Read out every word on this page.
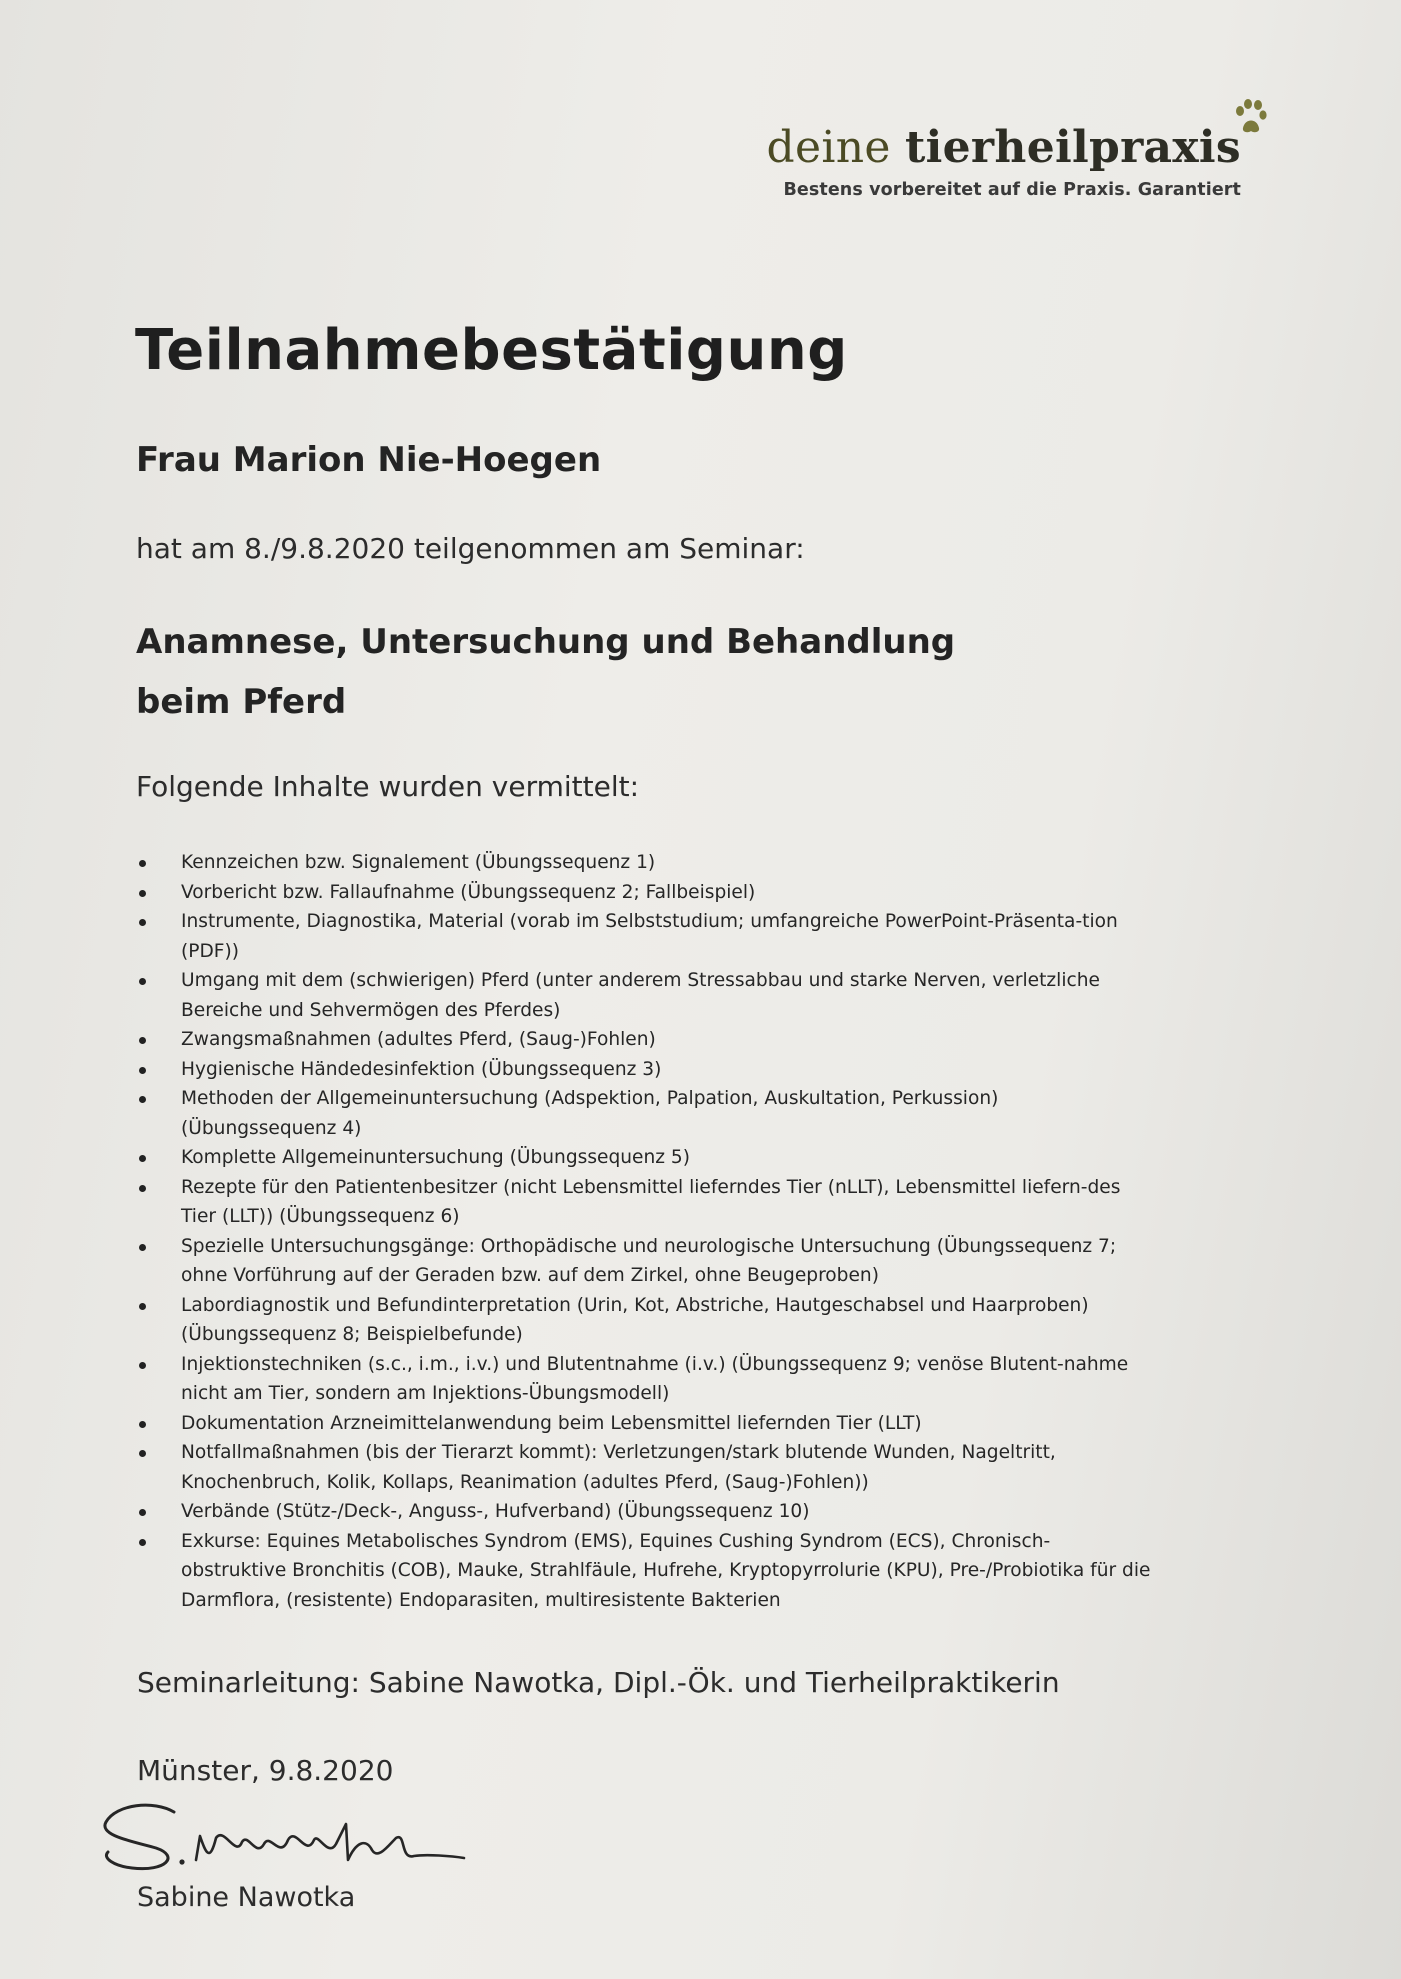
deine tierheilpraxis
Bestens vorbereitet auf die Praxis. Garantiert
Teilnahmebestätigung
Frau Marion Nie-Hoegen
hat am 8./9.8.2020 teilgenommen am Seminar:
Anamnese, Untersuchung und Behandlung beim Pferd
Folgende Inhalte wurden vermittelt:
Kennzeichen bzw. Signalement (Übungssequenz 1)
Vorbericht bzw. Fallaufnahme (Übungssequenz 2; Fallbeispiel)
Instrumente, Diagnostika, Material (vorab im Selbststudium; umfangreiche PowerPoint-Präsenta-tion (PDF))
Umgang mit dem (schwierigen) Pferd (unter anderem Stressabbau und starke Nerven, verletzliche Bereiche und Sehvermögen des Pferdes)
Zwangsmaßnahmen (adultes Pferd, (Saug-)Fohlen)
Hygienische Händedesinfektion (Übungssequenz 3)
Methoden der Allgemeinuntersuchung (Adspektion, Palpation, Auskultation, Perkussion) (Übungssequenz 4)
Komplette Allgemeinuntersuchung (Übungssequenz 5)
Rezepte für den Patientenbesitzer (nicht Lebensmittel lieferndes Tier (nLLT), Lebensmittel liefern-des Tier (LLT)) (Übungssequenz 6)
Spezielle Untersuchungsgänge: Orthopädische und neurologische Untersuchung (Übungssequenz 7; ohne Vorführung auf der Geraden bzw. auf dem Zirkel, ohne Beugeproben)
Labordiagnostik und Befundinterpretation (Urin, Kot, Abstriche, Hautgeschabsel und Haarproben) (Übungssequenz 8; Beispielbefunde)
Injektionstechniken (s.c., i.m., i.v.) und Blutentnahme (i.v.) (Übungssequenz 9; venöse Blutent-nahme nicht am Tier, sondern am Injektions-Übungsmodell)
Dokumentation Arzneimittelanwendung beim Lebensmittel liefernden Tier (LLT)
Notfallmaßnahmen (bis der Tierarzt kommt): Verletzungen/stark blutende Wunden, Nageltritt, Knochenbruch, Kolik, Kollaps, Reanimation (adultes Pferd, (Saug-)Fohlen))
Verbände (Stütz-/Deck-, Anguss-, Hufverband) (Übungssequenz 10)
Exkurse: Equines Metabolisches Syndrom (EMS), Equines Cushing Syndrom (ECS), Chronisch-obstruktive Bronchitis (COB), Mauke, Strahlfäule, Hufrehe, Kryptopyrrolurie (KPU), Pre-/Probiotika für die Darmflora, (resistente) Endoparasiten, multiresistente Bakterien
Seminarleitung: Sabine Nawotka, Dipl.-Ök. und Tierheilpraktikerin
Münster, 9.8.2020
Sabine Nawotka
